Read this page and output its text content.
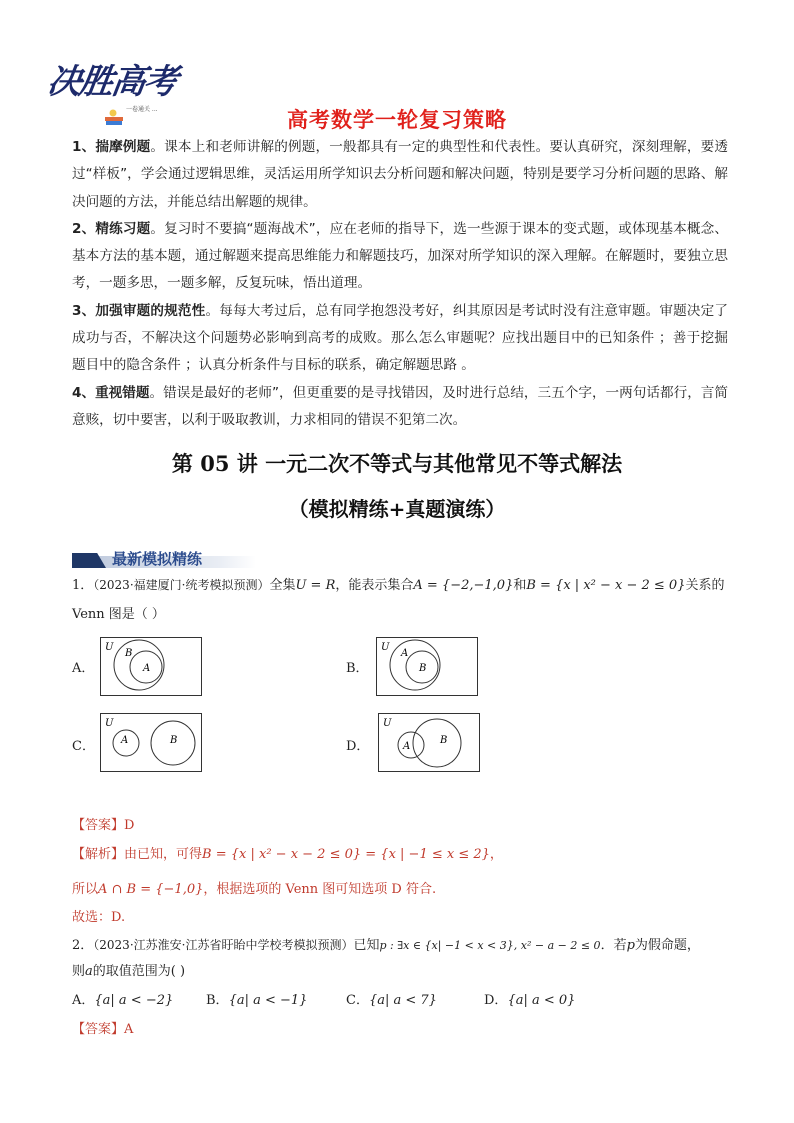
决胜高考
一卷通关 ...	高考数学一轮复习策略

1、揣摩例题。课本上和老师讲解的例题，一般都具有一定的典型性和代表性。要认真研究，深刻理解，要透过“样板”，学会通过逻辑思维，灵活运用所学知识去分析问题和解决问题，特别是要学习分析问题的思路、解决问题的方法，并能总结出解题的规律。

2、精练习题。复习时不要搞“题海战术”，应在老师的指导下，选一些源于课本的变式题，或体现基本概念、基本方法的基本题，通过解题来提高思维能力和解题技巧，加深对所学知识的深入理解。在解题时，要独立思考，一题多思，一题多解，反复玩味，悟出道理。

3、加强审题的规范性。每每大考过后，总有同学抱怨没考好，纠其原因是考试时没有注意审题。审题决定了成功与否，不解决这个问题势必影响到高考的成败。那么怎么审题呢？应找出题目中的已知条件 ；善于挖掘题目中的隐含条件 ；认真分析条件与目标的联系，确定解题思路 。

4、重视错题。错误是最好的老师”，但更重要的是寻找错因，及时进行总结，三五个字，一两句话都行，言简意赅，切中要害，以利于吸取教训，力求相同的错误不犯第二次。

第 05 讲 一元二次不等式与其他常见不等式解法
（模拟精练+真题演练）
最新模拟精练
1．（2023·福建厦门·统考模拟预测）全集U = R，能表示集合A = {−2,−1,0}和B = {x | x² − x − 2 ≤ 0}关系的
Venn 图是（ ）
A．
U
B
A	B．
U
A
B
C．
U
A	B	D．
U
A
B
【答案】D
【解析】由已知，可得B = {x | x² − x − 2 ≤ 0} = {x | −1 ≤ x ≤ 2}，
所以A ∩ B = {−1,0}，根据选项的 Venn 图可知选项 D 符合.
故选：D.
2．（2023·江苏淮安·江苏省盱眙中学校考模拟预测）已知p : ∃x ∈ {x| −1 < x < 3}, x² − a − 2 ≤ 0．若p为假命题，
则a的取值范围为( )
A．{a| a < −2}	B．{a| a < −1}	C．{a| a < 7}	D．{a| a < 0}
【答案】A
